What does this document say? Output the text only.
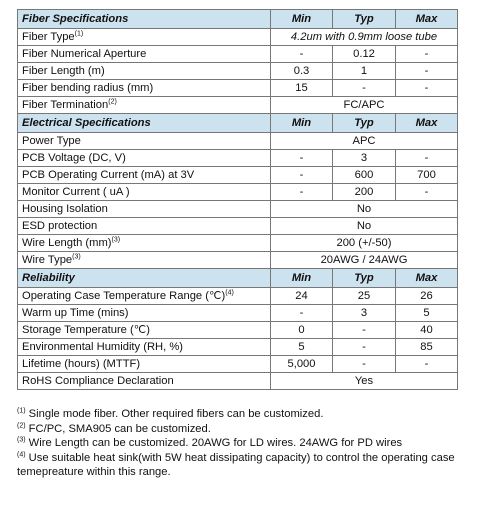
Fiber Specifications	Min	Typ	Max
Fiber Type$^{(1)}$	4.2um with 0.9mm loose tube		
Fiber Numerical Aperture	-	0.12	-
Fiber Length (m)	0.3	1	-
Fiber bending radius (mm)	15	-	-
Fiber Termination$^{(2)}$	FC/APC		
Electrical Specifications	Min	Typ	Max
Power Type	APC		
PCB Voltage (DC, V)	-	3	-
PCB Operating Current (mA) at 3V	-	600	700
Monitor Current ( uA )	-	200	-
Housing Isolation	No		
ESD protection	No		
Wire Length (mm)$^{(3)}$	200 (+/-50)		
Wire Type$^{(3)}$	20AWG / 24AWG		
Reliability	Min	Typ	Max
Operating Case Temperature Range (℃)$^{(4)}$	24	25	26
Warm up Time (mins)	-	3	5
Storage Temperature (℃)	0	-	40
Environmental Humidity (RH, %)	5	-	85
Lifetime (hours) (MTTF)	5,000	-	-
RoHS Compliance Declaration	Yes		

$^{(1)}$ Single mode fiber. Other required fibers can be customized.

$^{(2)}$ FC/PC, SMA905 can be customized.

$^{(3)}$ Wire Length can be customized. 20AWG for LD wires. 24AWG for PD wires

$^{(4)}$ Use suitable heat sink(with 5W heat dissipating capacity) to control the operating case temepreature within this range.
